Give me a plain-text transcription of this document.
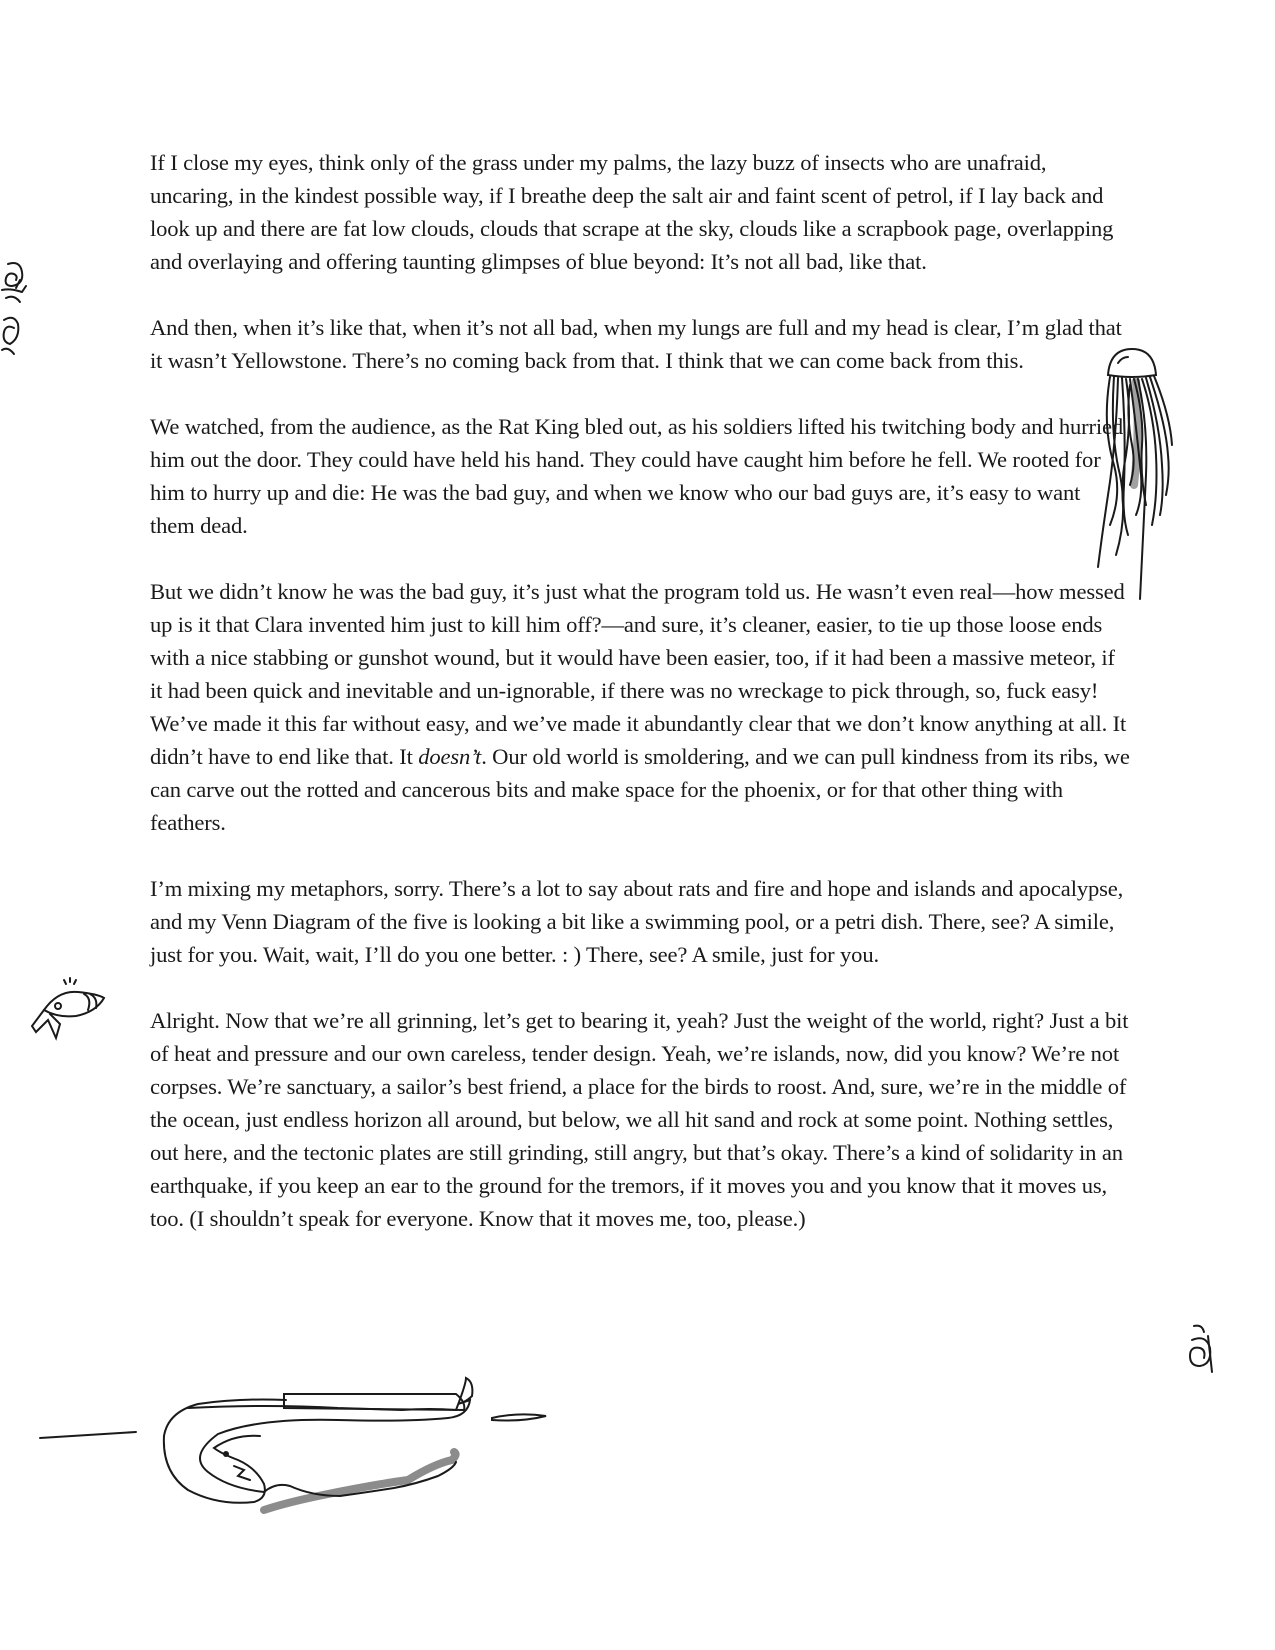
If I close my eyes, think only of the grass under my palms, the lazy buzz of insects who are unafraid, uncaring, in the kindest possible way, if I breathe deep the salt air and faint scent of petrol, if I lay back and look up and there are fat low clouds, clouds that scrape at the sky, clouds like a scrapbook page, overlapping and overlaying and offering taunting glimpses of blue beyond: It’s not all bad, like that.

And then, when it’s like that, when it’s not all bad, when my lungs are full and my head is clear, I’m glad that it wasn’t Yellowstone. There’s no coming back from that. I think that we can come back from this.

We watched, from the audience, as the Rat King bled out, as his soldiers lifted his twitching body and hurried him out the door. They could have held his hand. They could have caught him before he fell. We rooted for him to hurry up and die: He was the bad guy, and when we know who our bad guys are, it’s easy to want them dead.

But we didn’t know he was the bad guy, it’s just what the program told us. He wasn’t even real—how messed up is it that Clara invented him just to kill him off?—and sure, it’s cleaner, easier, to tie up those loose ends with a nice stabbing or gunshot wound, but it would have been easier, too, if it had been a massive meteor, if it had been quick and inevitable and un-ignorable, if there was no wreckage to pick through, so, fuck easy! We’ve made it this far without easy, and we’ve made it abundantly clear that we don’t know anything at all. It didn’t have to end like that. It doesn’t. Our old world is smoldering, and we can pull kindness from its ribs, we can carve out the rotted and cancerous bits and make space for the phoenix, or for that other thing with feathers.

I’m mixing my metaphors, sorry. There’s a lot to say about rats and fire and hope and islands and apocalypse, and my Venn Diagram of the five is looking a bit like a swimming pool, or a petri dish. There, see? A simile, just for you. Wait, wait, I’ll do you one better. : ) There, see? A smile, just for you.

Alright. Now that we’re all grinning, let’s get to bearing it, yeah? Just the weight of the world, right? Just a bit of heat and pressure and our own careless, tender design. Yeah, we’re islands, now, did you know? We’re not corpses. We’re sanctuary, a sailor’s best friend, a place for the birds to roost. And, sure, we’re in the middle of the ocean, just endless horizon all around, but below, we all hit sand and rock at some point. Nothing settles, out here, and the tectonic plates are still grinding, still angry, but that’s okay. There’s a kind of solidarity in an earthquake, if you keep an ear to the ground for the tremors, if it moves you and you know that it moves us, too. (I shouldn’t speak for everyone. Know that it moves me, too, please.)
